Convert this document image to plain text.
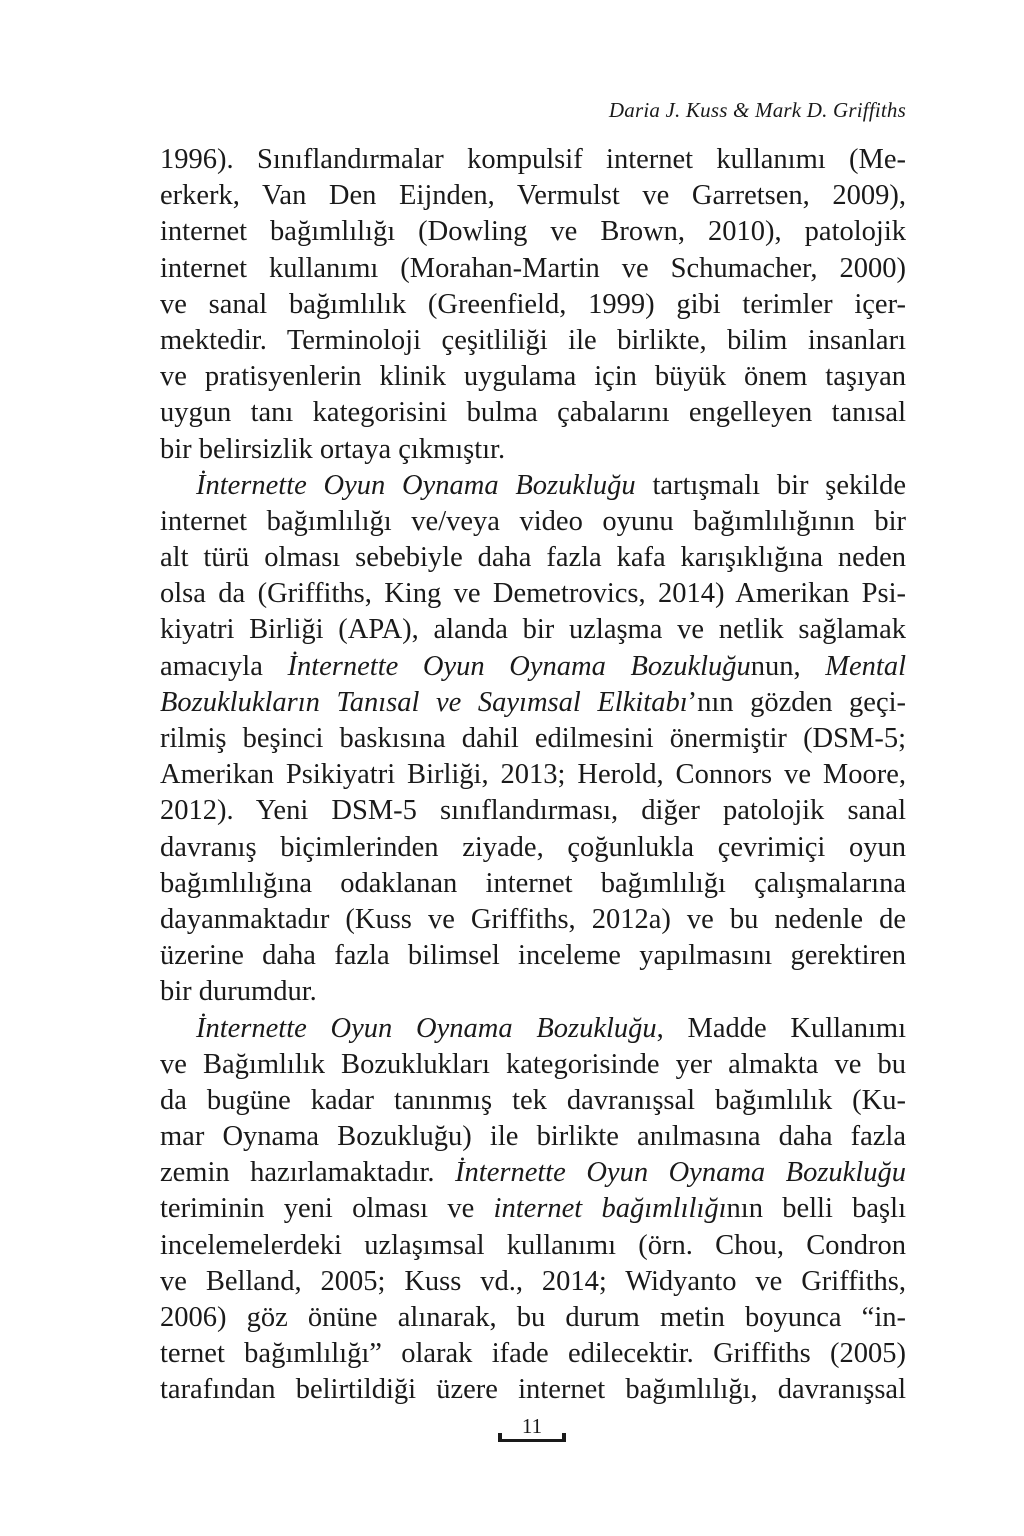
Daria J. Kuss & Mark D. Griffiths
1996). Sınıflandırmalar kompulsif internet kullanımı (Me-
erkerk, Van Den Eijnden, Vermulst ve Garretsen, 2009),
internet bağımlılığı (Dowling ve Brown, 2010), patolojik
internet kullanımı (Morahan-Martin ve Schumacher, 2000)
ve sanal bağımlılık (Greenfield, 1999) gibi terimler içer-
mektedir. Terminoloji çeşitliliği ile birlikte, bilim insanları
ve pratisyenlerin klinik uygulama için büyük önem taşıyan
uygun tanı kategorisini bulma çabalarını engelleyen tanısal
bir belirsizlik ortaya çıkmıştır.
İnternette Oyun Oynama Bozukluğu tartışmalı bir şekilde
internet bağımlılığı ve/veya video oyunu bağımlılığının bir
alt türü olması sebebiyle daha fazla kafa karışıklığına neden
olsa da (Griffiths, King ve Demetrovics, 2014) Amerikan Psi-
kiyatri Birliği (APA), alanda bir uzlaşma ve netlik sağlamak
amacıyla İnternette Oyun Oynama Bozukluğunun, Mental
Bozuklukların Tanısal ve Sayımsal Elkitabı’nın gözden geçi-
rilmiş beşinci baskısına dahil edilmesini önermiştir (DSM-5;
Amerikan Psikiyatri Birliği, 2013; Herold, Connors ve Moore,
2012). Yeni DSM-5 sınıflandırması, diğer patolojik sanal
davranış biçimlerinden ziyade, çoğunlukla çevrimiçi oyun
bağımlılığına odaklanan internet bağımlılığı çalışmalarına
dayanmaktadır (Kuss ve Griffiths, 2012a) ve bu nedenle de
üzerine daha fazla bilimsel inceleme yapılmasını gerektiren
bir durumdur.
İnternette Oyun Oynama Bozukluğu, Madde Kullanımı
ve Bağımlılık Bozuklukları kategorisinde yer almakta ve bu
da bugüne kadar tanınmış tek davranışsal bağımlılık (Ku-
mar Oynama Bozukluğu) ile birlikte anılmasına daha fazla
zemin hazırlamaktadır. İnternette Oyun Oynama Bozukluğu
teriminin yeni olması ve internet bağımlılığının belli başlı
incelemelerdeki uzlaşımsal kullanımı (örn. Chou, Condron
ve Belland, 2005; Kuss vd., 2014; Widyanto ve Griffiths,
2006) göz önüne alınarak, bu durum metin boyunca “in-
ternet bağımlılığı” olarak ifade edilecektir. Griffiths (2005)
tarafından belirtildiği üzere internet bağımlılığı, davranışsal
11
